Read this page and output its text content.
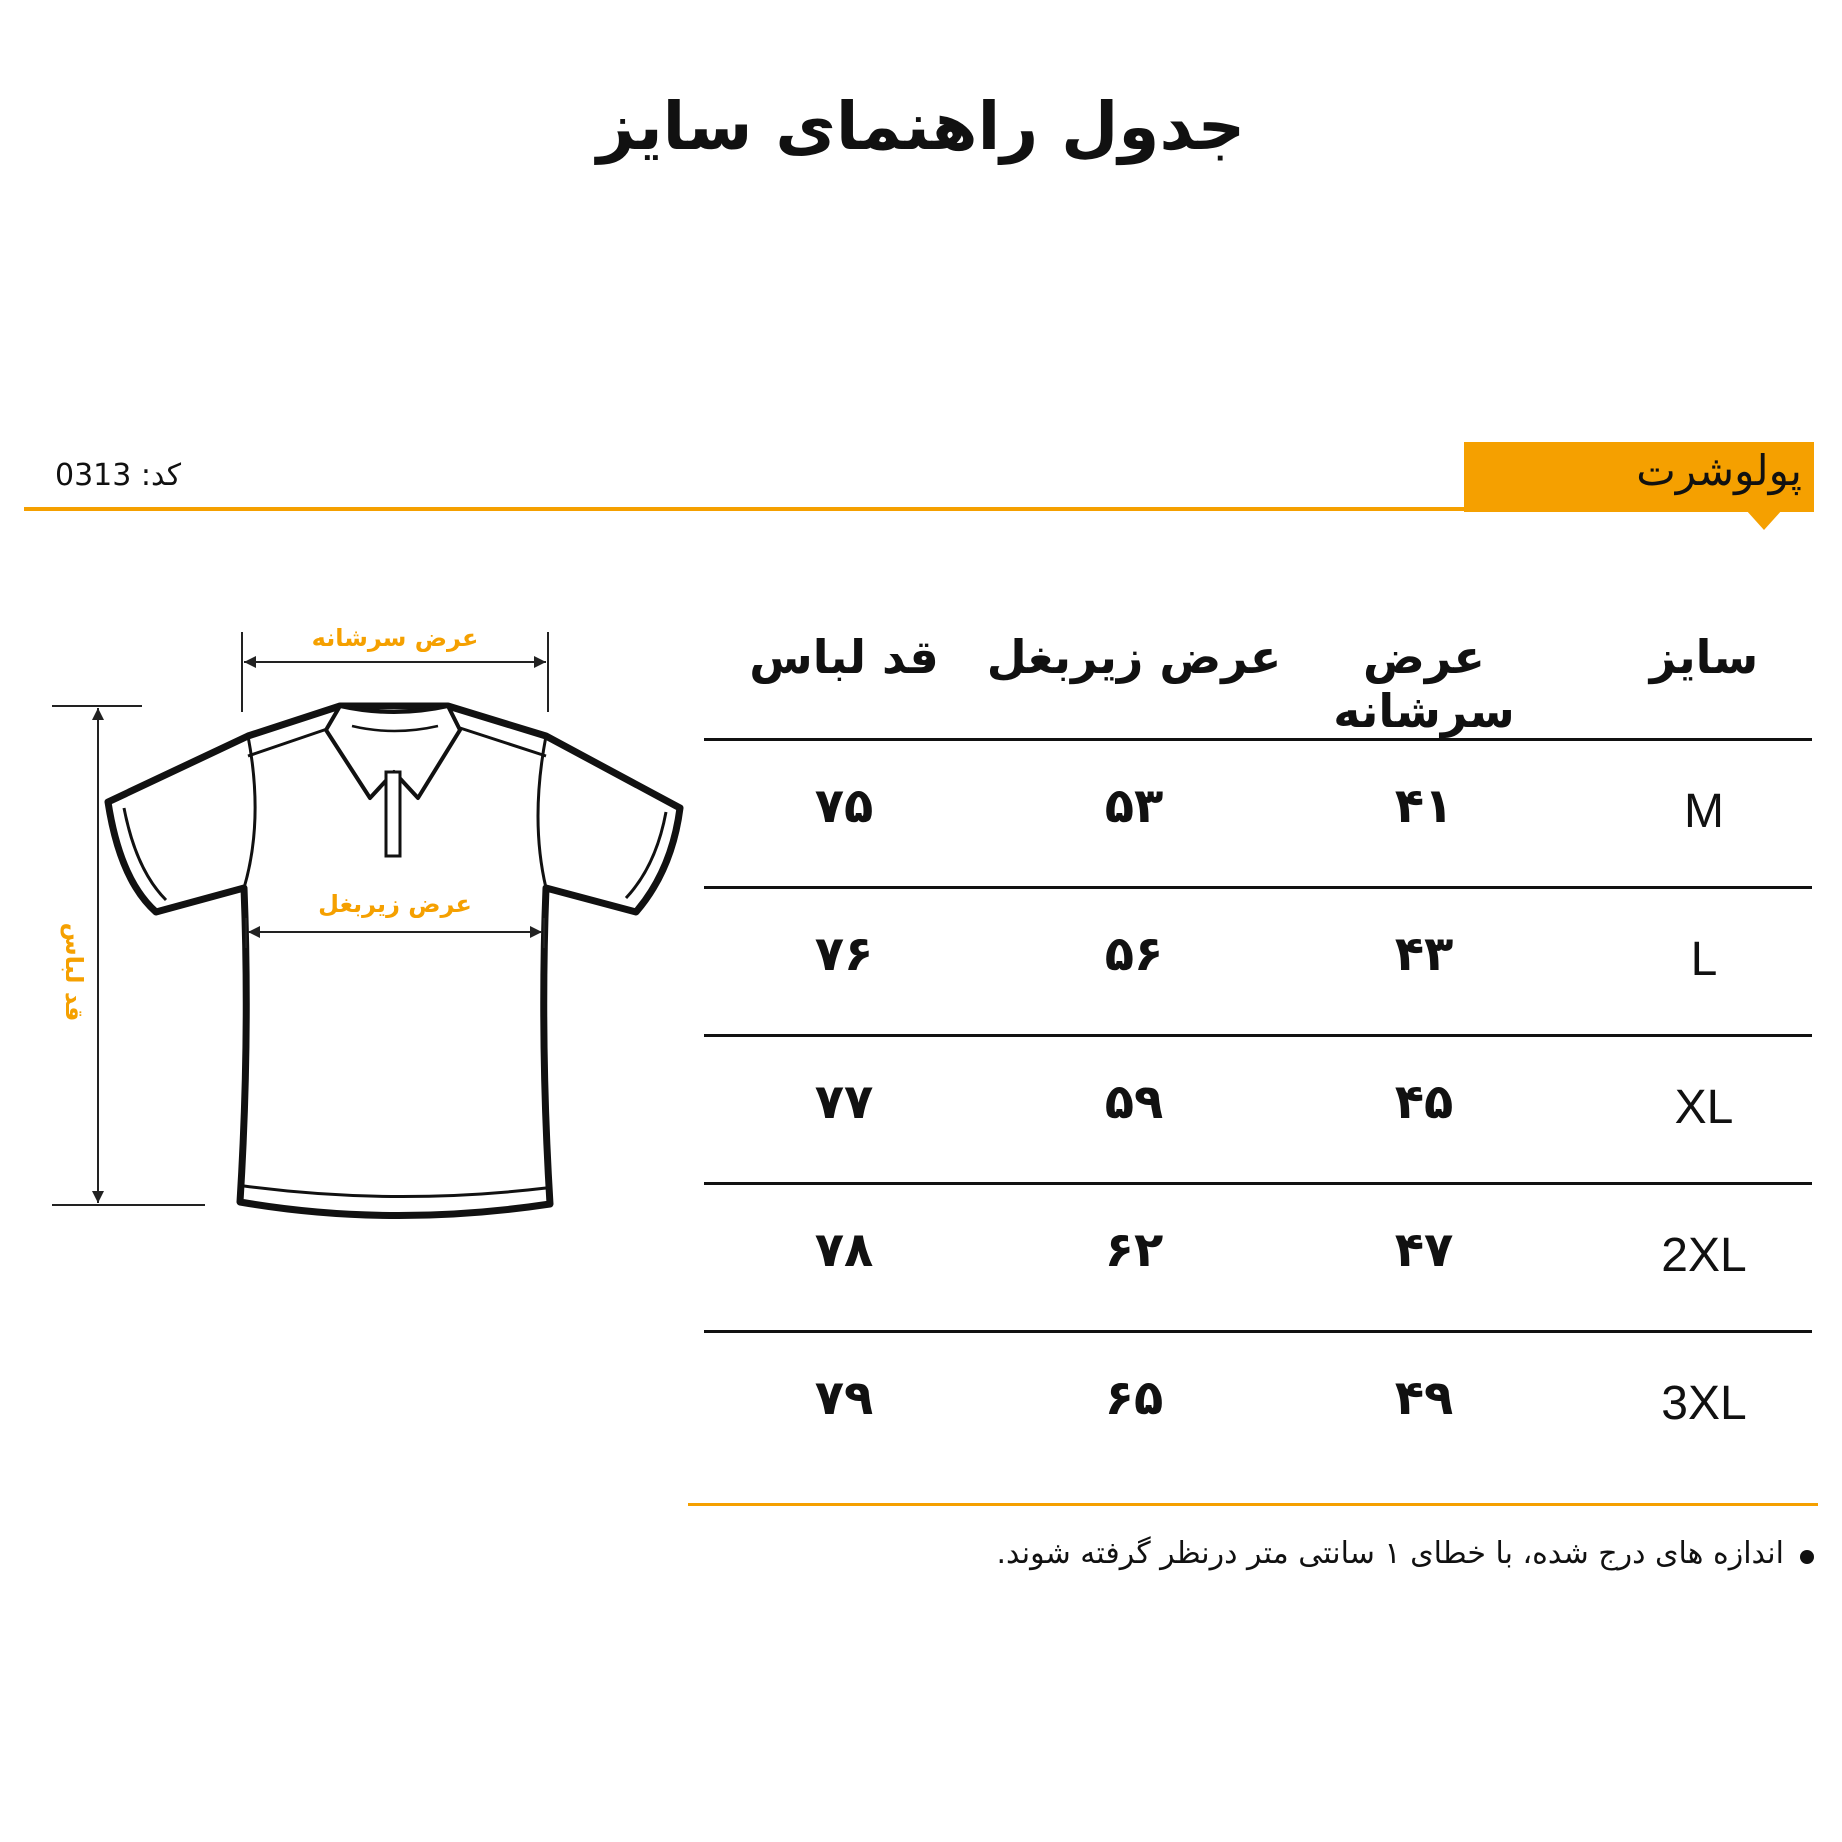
جدول راهنمای سایز
پولوشرت
کد: 0313
عرض سرشانه
قد لباس
عرض زیربغل
سایز
عرض سرشانه
عرض زیربغل
قد لباس
M
۴۱
۵۳
۷۵
L
۴۳
۵۶
۷۶
XL
۴۵
۵۹
۷۷
2XL
۴۷
۶۲
۷۸
3XL
۴۹
۶۵
۷۹
اندازه های درج شده، با خطای ۱ سانتی متر درنظر گرفته شوند.
